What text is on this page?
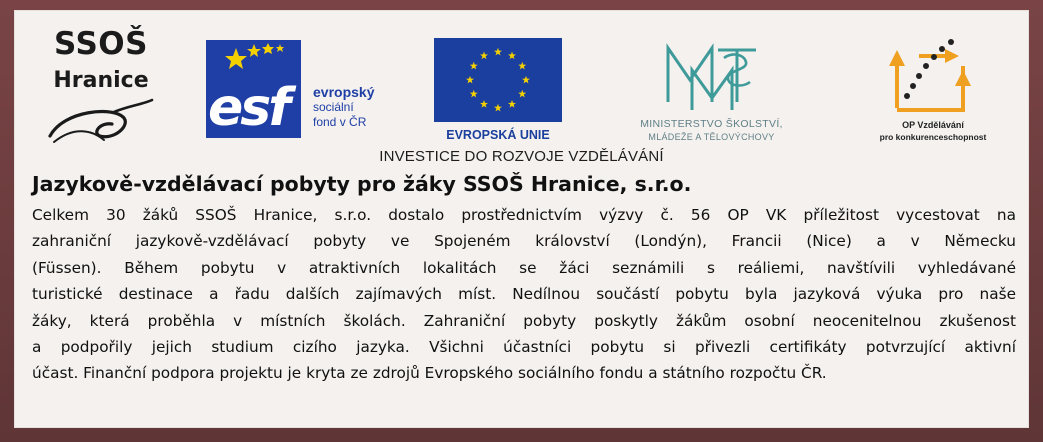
SSOŠ
Hranice esf evropský
sociální
fond v ČR
EVROPSKÁ UNIE
MINISTERSTVO ŠKOLSTVÍ,
MLÁDEŽE A TĚLOVÝCHOVY
OP Vzdělávání
pro konkurenceschopnost
INVESTICE DO ROZVOJE VZDĚLÁVÁNÍ
Jazykově-vzdělávací pobyty pro žáky SSOŠ Hranice, s.r.o.
Celkem 30 žáků SSOŠ Hranice, s.r.o. dostalo prostřednictvím výzvy č. 56 OP VK příležitost vycestovat na
zahraniční jazykově-vzdělávací pobyty ve Spojeném království (Londýn), Francii (Nice) a v Německu
(Füssen). Během pobytu v atraktivních lokalitách se žáci seznámili s reáliemi, navštívili vyhledávané
turistické destinace a řadu dalších zajímavých míst. Nedílnou součástí pobytu byla jazyková výuka pro naše
žáky, která proběhla v místních školách. Zahraniční pobyty poskytly žákům osobní neocenitelnou zkušenost
a podpořily jejich studium cizího jazyka. Všichni účastníci pobytu si přivezli certifikáty potvrzující aktivní
účast. Finanční podpora projektu je kryta ze zdrojů Evropského sociálního fondu a státního rozpočtu ČR.
